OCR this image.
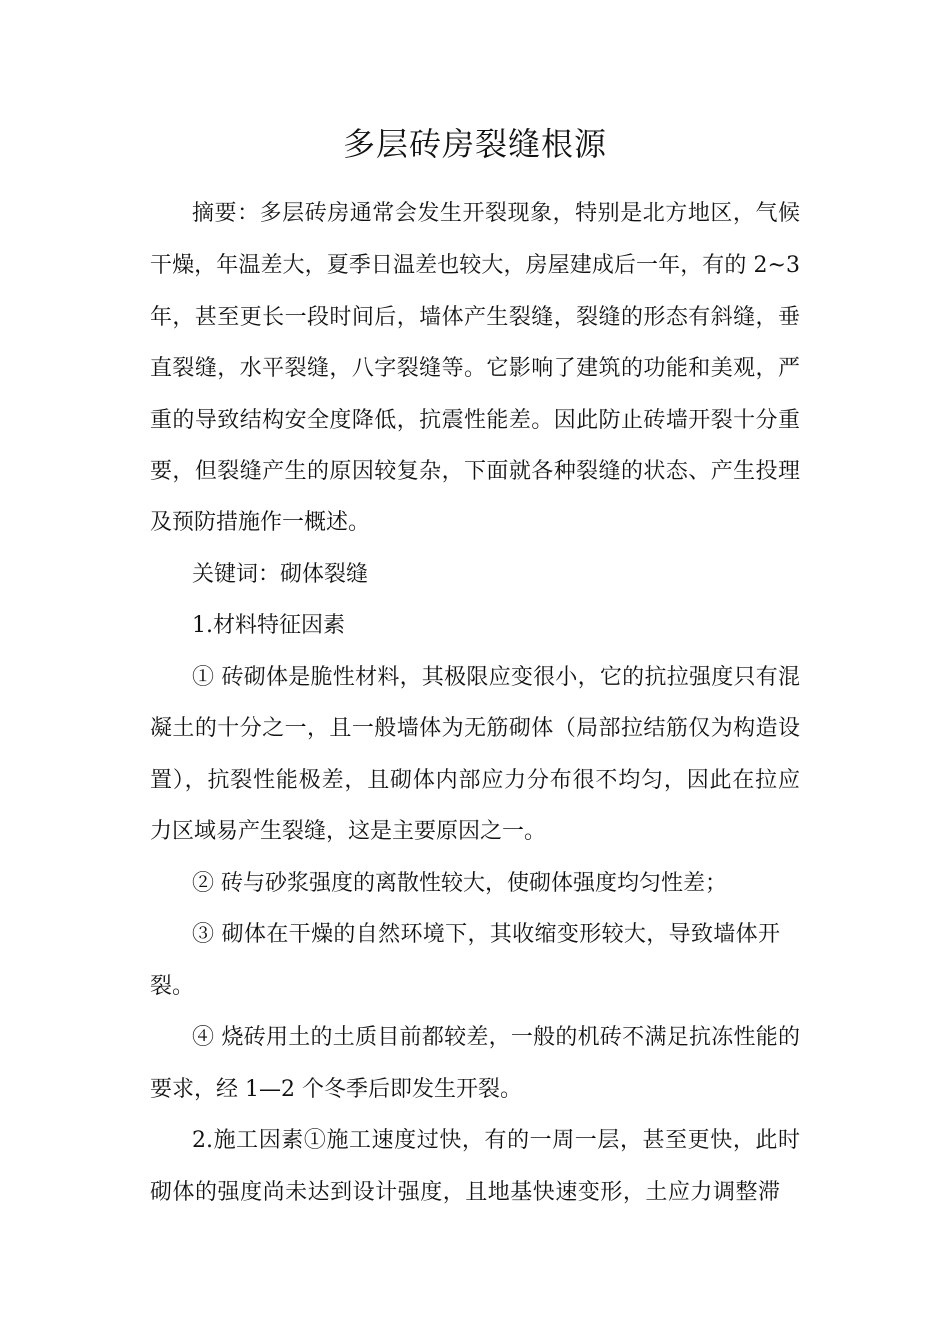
多层砖房裂缝根源
摘要：多层砖房通常会发生开裂现象，特别是北方地区，气候
干燥，年温差大，夏季日温差也较大，房屋建成后一年，有的 2~3
年，甚至更长一段时间后，墙体产生裂缝，裂缝的形态有斜缝，垂
直裂缝，水平裂缝，八字裂缝等。它影响了建筑的功能和美观，严
重的导致结构安全度降低，抗震性能差。因此防止砖墙开裂十分重
要，但裂缝产生的原因较复杂，下面就各种裂缝的状态、产生投理
及预防措施作一概述。
关键词：砌体裂缝
1.材料特征因素
① 砖砌体是脆性材料，其极限应变很小，它的抗拉强度只有混
凝土的十分之一，且一般墙体为无筋砌体（局部拉结筋仅为构造设
置），抗裂性能极差，且砌体内部应力分布很不均匀，因此在拉应
力区域易产生裂缝，这是主要原因之一。
② 砖与砂浆强度的离散性较大，使砌体强度均匀性差；
③ 砌体在干燥的自然环境下，其收缩变形较大，导致墙体开
裂。
④ 烧砖用土的土质目前都较差，一般的机砖不满足抗冻性能的
要求，经 1—2 个冬季后即发生开裂。
2.施工因素①施工速度过快，有的一周一层，甚至更快，此时
砌体的强度尚未达到设计强度，且地基快速变形，土应力调整滞
